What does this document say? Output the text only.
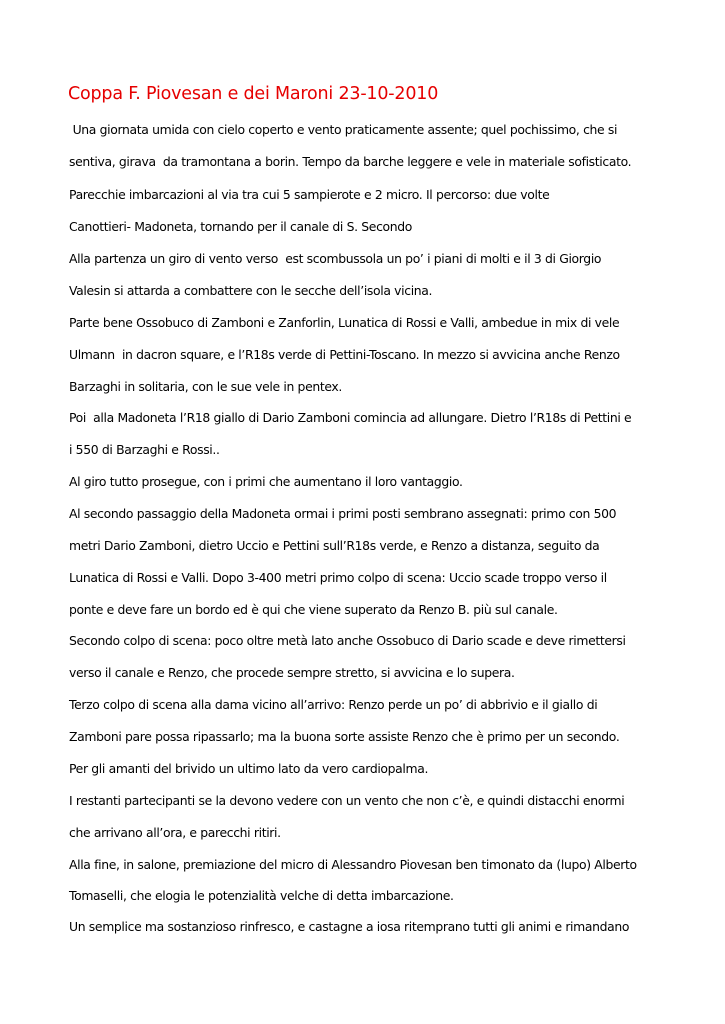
Coppa F. Piovesan e dei Maroni 23-10-2010
Una giornata umida con cielo coperto e vento praticamente assente; quel pochissimo, che si
sentiva, girava  da tramontana a borin. Tempo da barche leggere e vele in materiale sofisticato.
Parecchie imbarcazioni al via tra cui 5 sampierote e 2 micro. Il percorso: due volte
Canottieri- Madoneta, tornando per il canale di S. Secondo
Alla partenza un giro di vento verso  est scombussola un po’ i piani di molti e il 3 di Giorgio
Valesin si attarda a combattere con le secche dell’isola vicina.
Parte bene Ossobuco di Zamboni e Zanforlin, Lunatica di Rossi e Valli, ambedue in mix di vele
Ulmann  in dacron square, e l’R18s verde di Pettini-Toscano. In mezzo si avvicina anche Renzo
Barzaghi in solitaria, con le sue vele in pentex.
Poi  alla Madoneta l’R18 giallo di Dario Zamboni comincia ad allungare. Dietro l’R18s di Pettini e
i 550 di Barzaghi e Rossi..
Al giro tutto prosegue, con i primi che aumentano il loro vantaggio.
Al secondo passaggio della Madoneta ormai i primi posti sembrano assegnati: primo con 500
metri Dario Zamboni, dietro Uccio e Pettini sull’R18s verde, e Renzo a distanza, seguito da
Lunatica di Rossi e Valli. Dopo 3-400 metri primo colpo di scena: Uccio scade troppo verso il
ponte e deve fare un bordo ed è qui che viene superato da Renzo B. più sul canale.
Secondo colpo di scena: poco oltre metà lato anche Ossobuco di Dario scade e deve rimettersi
verso il canale e Renzo, che procede sempre stretto, si avvicina e lo supera.
Terzo colpo di scena alla dama vicino all’arrivo: Renzo perde un po’ di abbrivio e il giallo di
Zamboni pare possa ripassarlo; ma la buona sorte assiste Renzo che è primo per un secondo.
Per gli amanti del brivido un ultimo lato da vero cardiopalma.
I restanti partecipanti se la devono vedere con un vento che non c’è, e quindi distacchi enormi
che arrivano all’ora, e parecchi ritiri.
Alla fine, in salone, premiazione del micro di Alessandro Piovesan ben timonato da (lupo) Alberto
Tomaselli, che elogia le potenzialità velche di detta imbarcazione.
Un semplice ma sostanzioso rinfresco, e castagne a iosa ritemprano tutti gli animi e rimandano
